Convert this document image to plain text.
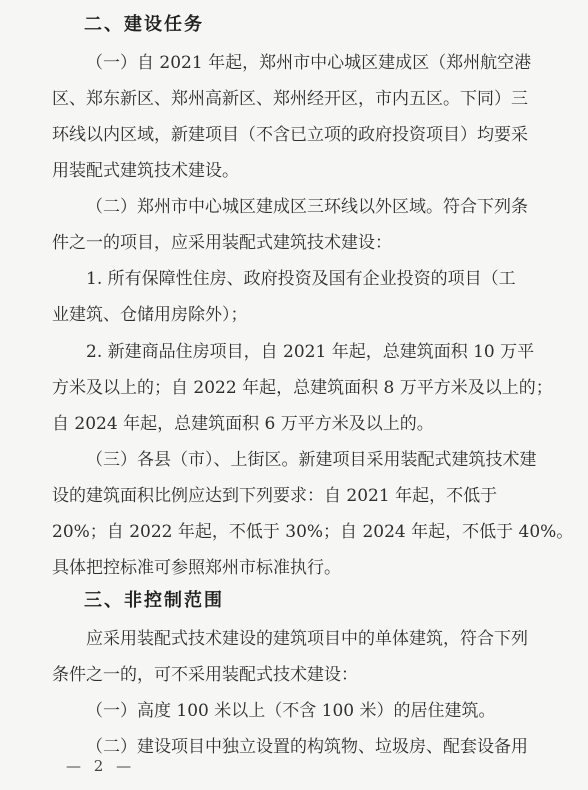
二、建设任务
（一）自 2021 年起，郑州市中心城区建成区（郑州航空港
区、郑东新区、郑州高新区、郑州经开区，市内五区。下同）三
环线以内区域，新建项目（不含已立项的政府投资项目）均要采
用装配式建筑技术建设。
（二）郑州市中心城区建成区三环线以外区域。符合下列条
件之一的项目，应采用装配式建筑技术建设：
1. 所有保障性住房、政府投资及国有企业投资的项目（工
业建筑、仓储用房除外）；
2. 新建商品住房项目，自 2021 年起，总建筑面积 10 万平
方米及以上的；自 2022 年起，总建筑面积 8 万平方米及以上的；
自 2024 年起，总建筑面积 6 万平方米及以上的。
（三）各县（市）、上街区。新建项目采用装配式建筑技术建
设的建筑面积比例应达到下列要求：自 2021 年起，不低于
20%；自 2022 年起，不低于 30%；自 2024 年起，不低于 40%。
具体把控标准可参照郑州市标准执行。
三、非控制范围
应采用装配式技术建设的建筑项目中的单体建筑，符合下列
条件之一的，可不采用装配式技术建设：
（一）高度 100 米以上（不含 100 米）的居住建筑。
（二）建设项目中独立设置的构筑物、垃圾房、配套设备用
— 2 —
